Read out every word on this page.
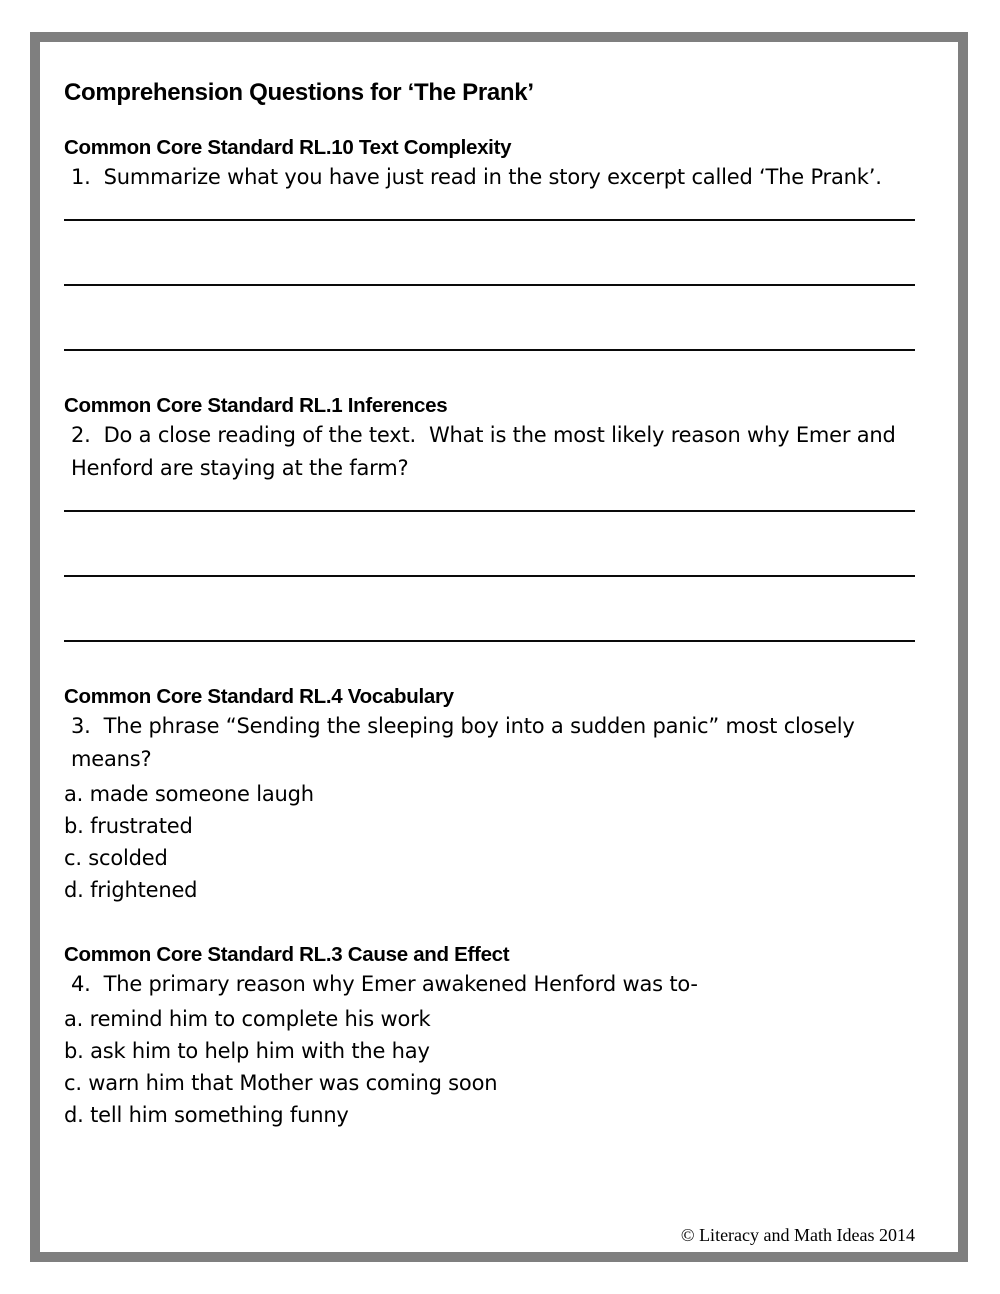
Comprehension Questions for ‘The Prank’
Common Core Standard RL.10 Text Complexity

1.  Summarize what you have just read in the story excerpt called ‘The Prank’.

Common Core Standard RL.1 Inferences

2.  Do a close reading of the text.  What is the most likely reason why Emer and Henford are staying at the farm?

Common Core Standard RL.4 Vocabulary

3.  The phrase “Sending the sleeping boy into a sudden panic” most closely means?

a. made someone laugh
b. frustrated
c. scolded
d. frightened
Common Core Standard RL.3 Cause and Effect

4.  The primary reason why Emer awakened Henford was to-

a. remind him to complete his work
b. ask him to help him with the hay
c. warn him that Mother was coming soon
d. tell him something funny
© Literacy and Math Ideas 2014
